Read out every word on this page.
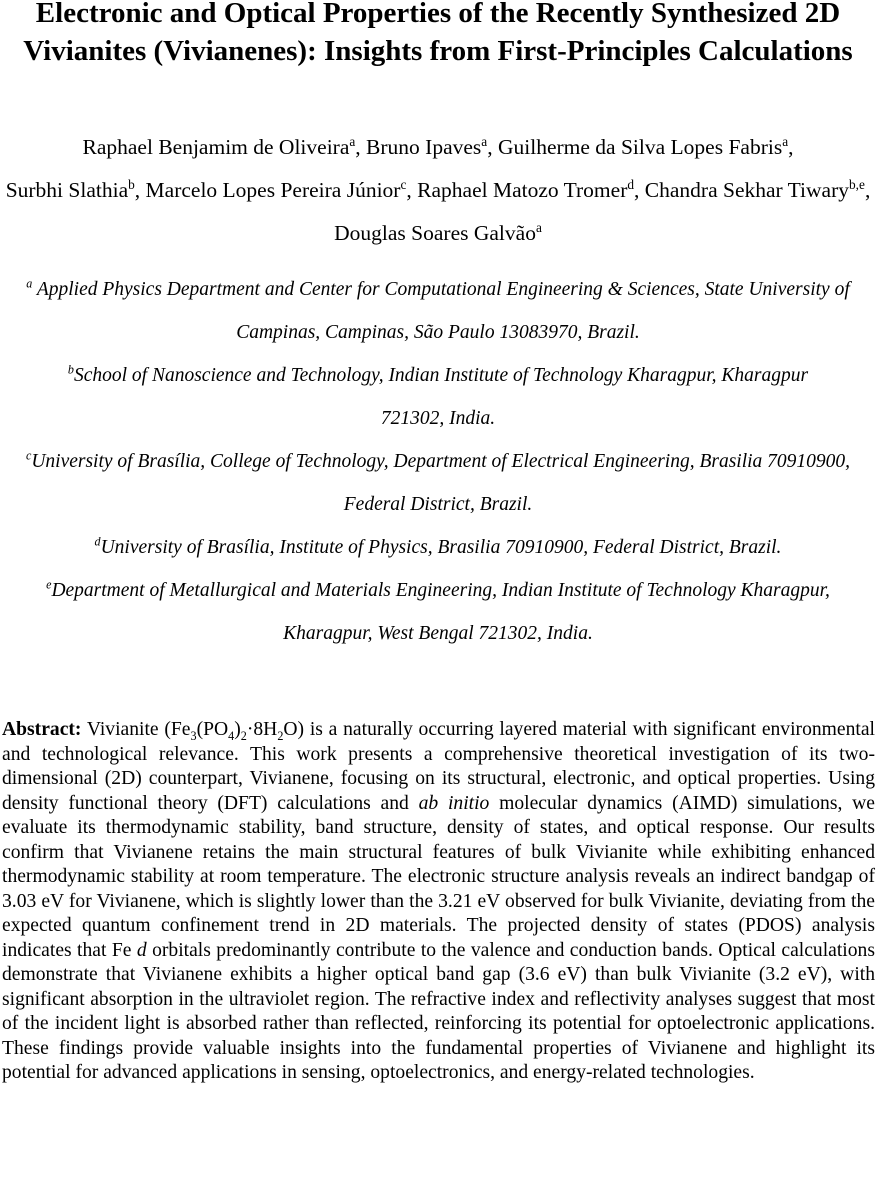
Electronic and Optical Properties of the Recently Synthesized 2D Vivianites (Vivianenes): Insights from First-Principles Calculations
Raphael Benjamim de Oliveira$^a$, Bruno Ipaves$^a$, Guilherme da Silva Lopes Fabris$^a$,
Surbhi Slathia$^b$, Marcelo Lopes Pereira Júnior$^c$, Raphael Matozo Tromer$^d$, Chandra Sekhar Tiwary$^{b,e}$, Douglas Soares Galvão$^a$

$^a$ Applied Physics Department and Center for Computational Engineering & Sciences, State University of Campinas, Campinas, São Paulo 13083970, Brazil.

$^b$School of Nanoscience and Technology, Indian Institute of Technology Kharagpur, Kharagpur 721302, India.

$^c$University of Brasília, College of Technology, Department of Electrical Engineering, Brasilia 70910900, Federal District, Brazil.

$^d$University of Brasília, Institute of Physics, Brasilia 70910900, Federal District, Brazil.

$^e$Department of Metallurgical and Materials Engineering, Indian Institute of Technology Kharagpur, Kharagpur, West Bengal 721302, India.

Abstract: Vivianite $(Fe_3(PO_4)_2\cdot 8H_2O)$ is a naturally occurring layered material with significant environmental and technological relevance. This work presents a comprehensive theoretical investigation of its two-dimensional (2D) counterpart, Vivianene, focusing on its structural, electronic, and optical properties. Using density functional theory (DFT) calculations and ab initio molecular dynamics (AIMD) simulations, we evaluate its thermodynamic stability, band structure, density of states, and optical response. Our results confirm that Vivianene retains the main structural features of bulk Vivianite while exhibiting enhanced thermodynamic stability at room temperature. The electronic structure analysis reveals an indirect bandgap of 3.03 eV for Vivianene, which is slightly lower than the 3.21 eV observed for bulk Vivianite, deviating from the expected quantum confinement trend in 2D materials. The projected density of states (PDOS) analysis indicates that Fe d orbitals predominantly contribute to the valence and conduction bands. Optical calculations demonstrate that Vivianene exhibits a higher optical band gap (3.6 eV) than bulk Vivianite (3.2 eV), with significant absorption in the ultraviolet region. The refractive index and reflectivity analyses suggest that most of the incident light is absorbed rather than reflected, reinforcing its potential for optoelectronic applications. These findings provide valuable insights into the fundamental properties of Vivianene and highlight its potential for advanced applications in sensing, optoelectronics, and energy-related technologies.
